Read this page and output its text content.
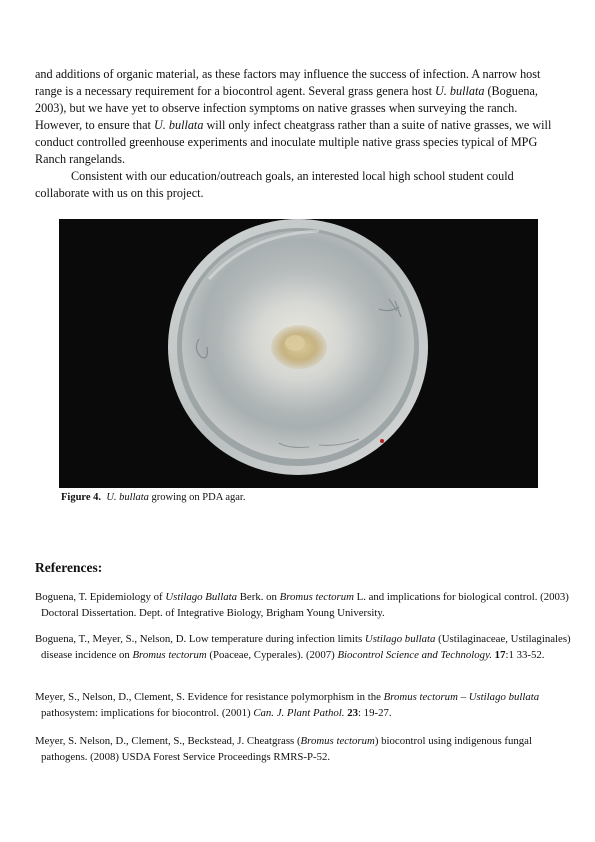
and additions of organic material, as these factors may influence the success of infection. A narrow host range is a necessary requirement for a biocontrol agent. Several grass genera host U. bullata (Boguena, 2003), but we have yet to observe infection symptoms on native grasses when surveying the ranch. However, to ensure that U. bullata will only infect cheatgrass rather than a suite of native grasses, we will conduct controlled greenhouse experiments and inoculate multiple native grass species typical of MPG Ranch rangelands.

Consistent with our education/outreach goals, an interested local high school student could collaborate with us on this project.

Figure 4. U. bullata growing on PDA agar.
References:
Boguena, T. Epidemiology of Ustilago Bullata Berk. on Bromus tectorum L. and implications for biological control. (2003) Doctoral Dissertation. Dept. of Integrative Biology, Brigham Young University.
Boguena, T., Meyer, S., Nelson, D. Low temperature during infection limits Ustilago bullata (Ustilaginaceae, Ustilaginales) disease incidence on Bromus tectorum (Poaceae, Cyperales). (2007) Biocontrol Science and Technology. 17:1 33-52.
Meyer, S., Nelson, D., Clement, S. Evidence for resistance polymorphism in the Bromus tectorum – Ustilago bullata pathosystem: implications for biocontrol. (2001) Can. J. Plant Pathol. 23: 19-27.
Meyer, S. Nelson, D., Clement, S., Beckstead, J. Cheatgrass (Bromus tectorum) biocontrol using indigenous fungal pathogens. (2008) USDA Forest Service Proceedings RMRS-P-52.
